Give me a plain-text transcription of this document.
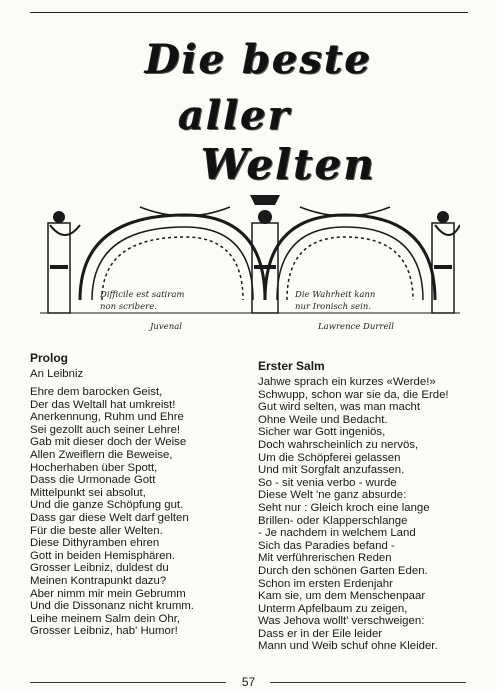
Die beste
aller
Welten
Difficile est satiram
non scribere.
Juvenal
Die Wahrheit kann
nur Ironisch sein.
Lawrence Durrell
Prolog
An Leibniz
Ehre dem barocken Geist,
Der das Weltall hat umkreist!
Anerkennung, Ruhm und Ehre
Sei gezollt auch seiner Lehre!
Gab mit dieser doch der Weise
Allen Zweiflern die Beweise,
Hocherhaben über Spott,
Dass die Urmonade Gott
Mittelpunkt sei absolut,
Und die ganze Schöpfung gut.
Dass gar diese Welt darf gelten
Für die beste aller Welten.
Diese Dithyramben ehren
Gott in beiden Hemisphären.
Grosser Leibniz, duldest du
Meinen Kontrapunkt dazu?
Aber nimm mir mein Gebrumm
Und die Dissonanz nicht krumm.
Leihe meinem Salm dein Ohr,
Grosser Leibniz, hab' Humor!
Erster Salm
Jahwe sprach ein kurzes «Werde!»
Schwupp, schon war sie da, die Erde!
Gut wird selten, was man macht
Ohne Weile und Bedacht.
Sicher war Gott ingeniös,
Doch wahrscheinlich zu nervös,
Um die Schöpferei gelassen
Und mit Sorgfalt anzufassen.
So - sit venia verbo - wurde
Diese Welt 'ne ganz absurde:
Seht nur : Gleich kroch eine lange
Brillen- oder Klapperschlange
- Je nachdem in welchem Land
Sich das Paradies befand -
Mit verführerischen Reden
Durch den schönen Garten Eden.
Schon im ersten Erdenjahr
Kam sie, um dem Menschenpaar
Unterm Apfelbaum zu zeigen,
Was Jehova wollt' verschweigen:
Dass er in der Eile leider
Mann und Weib schuf ohne Kleider.
57
